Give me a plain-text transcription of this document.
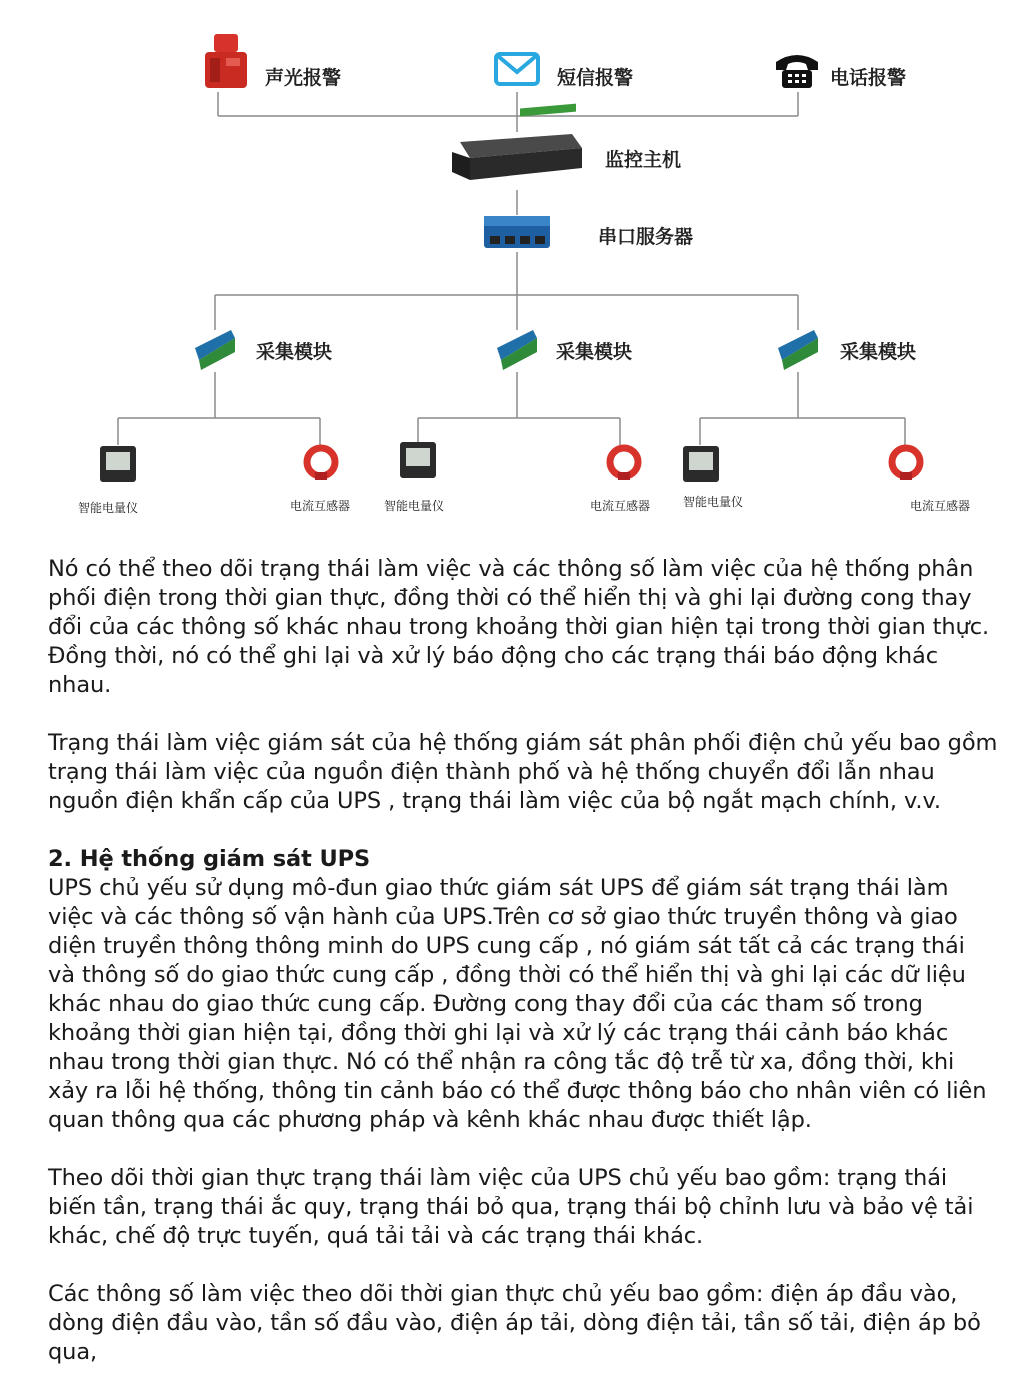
声光报警	短信报警	电话报警
监控主机
串口服务器
采集模块	采集模块	采集模块
智能电量仪	电流互感器	智能电量仪	电流互感器	智能电量仪	电流互感器

Nó có thể theo dõi trạng thái làm việc và các thông số làm việc của hệ thống phân phối điện trong thời gian thực, đồng thời có thể hiển thị và ghi lại đường cong thay đổi của các thông số khác nhau trong khoảng thời gian hiện tại trong thời gian thực. Đồng thời, nó có thể ghi lại và xử lý báo động cho các trạng thái báo động khác nhau.

Trạng thái làm việc giám sát của hệ thống giám sát phân phối điện chủ yếu bao gồm trạng thái làm việc của nguồn điện thành phố và hệ thống chuyển đổi lẫn nhau nguồn điện khẩn cấp của UPS , trạng thái làm việc của bộ ngắt mạch chính, v.v.

2. Hệ thống giám sát UPS

UPS chủ yếu sử dụng mô-đun giao thức giám sát UPS để giám sát trạng thái làm việc và các thông số vận hành của UPS.Trên cơ sở giao thức truyền thông và giao diện truyền thông thông minh do UPS cung cấp , nó giám sát tất cả các trạng thái và thông số do giao thức cung cấp , đồng thời có thể hiển thị và ghi lại các dữ liệu khác nhau do giao thức cung cấp. Đường cong thay đổi của các tham số trong khoảng thời gian hiện tại, đồng thời ghi lại và xử lý các trạng thái cảnh báo khác nhau trong thời gian thực. Nó có thể nhận ra công tắc độ trễ từ xa, đồng thời, khi xảy ra lỗi hệ thống, thông tin cảnh báo có thể được thông báo cho nhân viên có liên quan thông qua các phương pháp và kênh khác nhau được thiết lập.

Theo dõi thời gian thực trạng thái làm việc của UPS chủ yếu bao gồm: trạng thái biến tần, trạng thái ắc quy, trạng thái bỏ qua, trạng thái bộ chỉnh lưu và bảo vệ tải khác, chế độ trực tuyến, quá tải tải và các trạng thái khác.

Các thông số làm việc theo dõi thời gian thực chủ yếu bao gồm: điện áp đầu vào, dòng điện đầu vào, tần số đầu vào, điện áp tải, dòng điện tải, tần số tải, điện áp bỏ qua,
